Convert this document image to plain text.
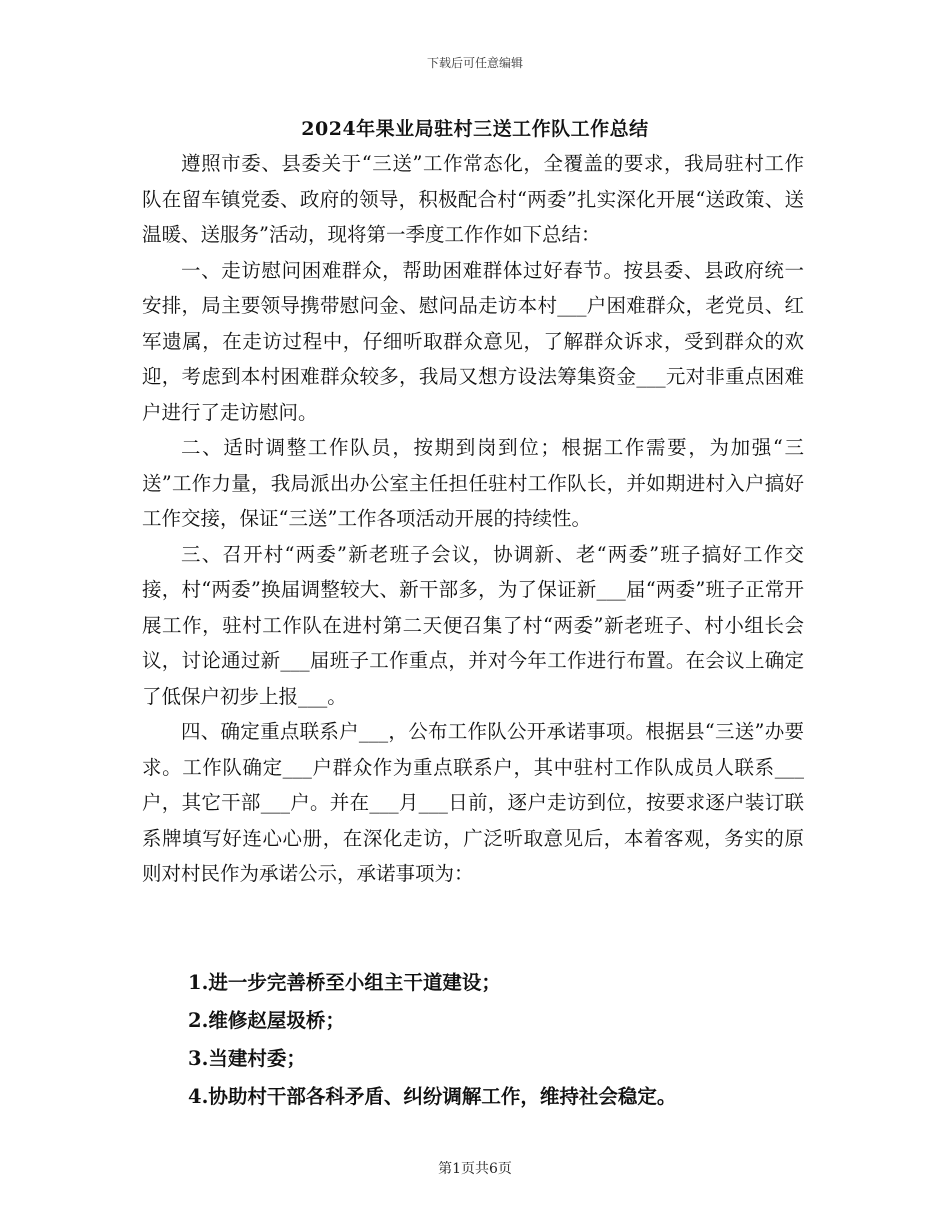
下载后可任意编辑
2024年果业局驻村三送工作队工作总结

遵照市委、县委关于“三送”工作常态化，全覆盖的要求，我局驻村工作队在留车镇党委、政府的领导，积极配合村“两委”扎实深化开展“送政策、送温暖、送服务”活动，现将第一季度工作作如下总结：

一、走访慰问困难群众，帮助困难群体过好春节。按县委、县政府统一安排，局主要领导携带慰问金、慰问品走访本村___户困难群众，老党员、红军遗属，在走访过程中，仔细听取群众意见，了解群众诉求，受到群众的欢迎，考虑到本村困难群众较多，我局又想方设法筹集资金___元对非重点困难户进行了走访慰问。

二、适时调整工作队员，按期到岗到位；根据工作需要，为加强“三送”工作力量，我局派出办公室主任担任驻村工作队长，并如期进村入户搞好工作交接，保证“三送”工作各项活动开展的持续性。

三、召开村“两委”新老班子会议，协调新、老“两委”班子搞好工作交接，村“两委”换届调整较大、新干部多，为了保证新___届“两委”班子正常开展工作，驻村工作队在进村第二天便召集了村“两委”新老班子、村小组长会议，讨论通过新___届班子工作重点，并对今年工作进行布置。在会议上确定了低保户初步上报___。

四、确定重点联系户___，公布工作队公开承诺事项。根据县“三送”办要求。工作队确定___户群众作为重点联系户，其中驻村工作队成员人联系___户，其它干部___户。并在___月___日前，逐户走访到位，按要求逐户装订联系牌填写好连心心册，在深化走访，广泛听取意见后，本着客观，务实的原则对村民作为承诺公示，承诺事项为：

1.进一步完善桥至小组主干道建设；
2.维修赵屋圾桥；
3.当建村委；
4.协助村干部各科矛盾、纠纷调解工作，维持社会稳定。
第1页共6页
